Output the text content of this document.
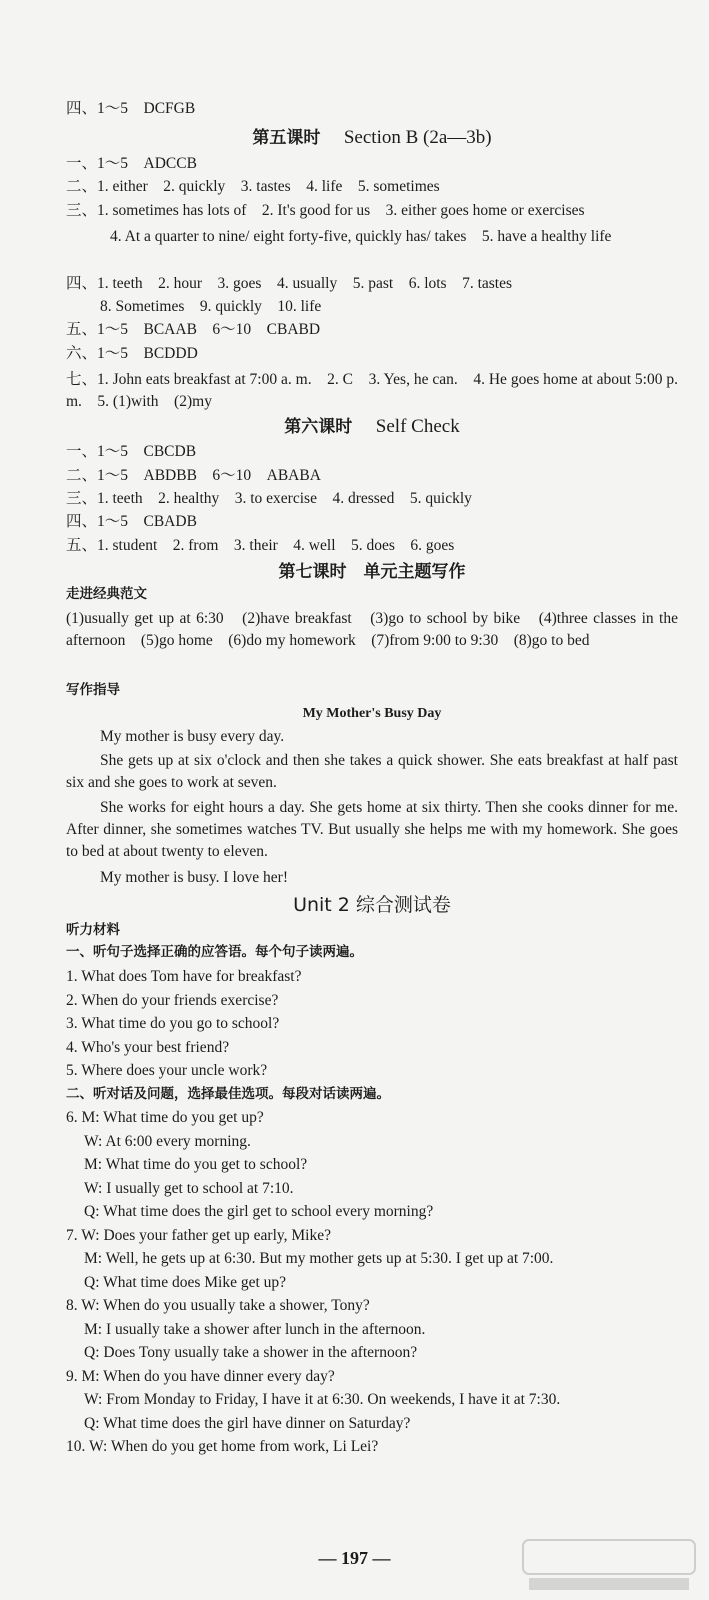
四、1～5　DCFGB
第五课时 Section B (2a—3b)
一、1～5　ADCCB
二、1. either　2. quickly　3. tastes　4. life　5. sometimes
三、1. sometimes has lots of　2. It's good for us　3. either goes home or exercises
4. At a quarter to nine/ eight forty-five, quickly has/ takes　5. have a healthy life
四、1. teeth　2. hour　3. goes　4. usually　5. past　6. lots　7. tastes
8. Sometimes　9. quickly　10. life
五、1～5　BCAAB　6～10　CBABD
六、1～5　BCDDD
七、1. John eats breakfast at 7:00 a. m.　2. C　3. Yes, he can.　4. He goes home at about 5:00 p. m.　5. (1)with　(2)my
第六课时 Self Check
一、1～5　CBCDB
二、1～5　ABDBB　6～10　ABABA
三、1. teeth　2. healthy　3. to exercise　4. dressed　5. quickly
四、1～5　CBADB
五、1. student　2. from　3. their　4. well　5. does　6. goes
第七课时　单元主题写作
走进经典范文
(1)usually get up at 6:30　(2)have breakfast　(3)go to school by bike　(4)three classes in the afternoon　(5)go home　(6)do my homework　(7)from 9:00 to 9:30　(8)go to bed
写作指导
My Mother's Busy Day
My mother is busy every day.
She gets up at six o'clock and then she takes a quick shower. She eats breakfast at half past six and she goes to work at seven.
She works for eight hours a day. She gets home at six thirty. Then she cooks dinner for me. After dinner, she sometimes watches TV. But usually she helps me with my homework. She goes to bed at about twenty to eleven.
My mother is busy. I love her!
Unit 2 综合测试卷
听力材料
一、听句子选择正确的应答语。每个句子读两遍。
1. What does Tom have for breakfast?
2. When do your friends exercise?
3. What time do you go to school?
4. Who's your best friend?
5. Where does your uncle work?
二、听对话及问题，选择最佳选项。每段对话读两遍。
6. M: What time do you get up?
W: At 6:00 every morning.
M: What time do you get to school?
W: I usually get to school at 7:10.
Q: What time does the girl get to school every morning?
7. W: Does your father get up early, Mike?
M: Well, he gets up at 6:30. But my mother gets up at 5:30. I get up at 7:00.
Q: What time does Mike get up?
8. W: When do you usually take a shower, Tony?
M: I usually take a shower after lunch in the afternoon.
Q: Does Tony usually take a shower in the afternoon?
9. M: When do you have dinner every day?
W: From Monday to Friday, I have it at 6:30. On weekends, I have it at 7:30.
Q: What time does the girl have dinner on Saturday?
10. W: When do you get home from work, Li Lei?
— 197 —
